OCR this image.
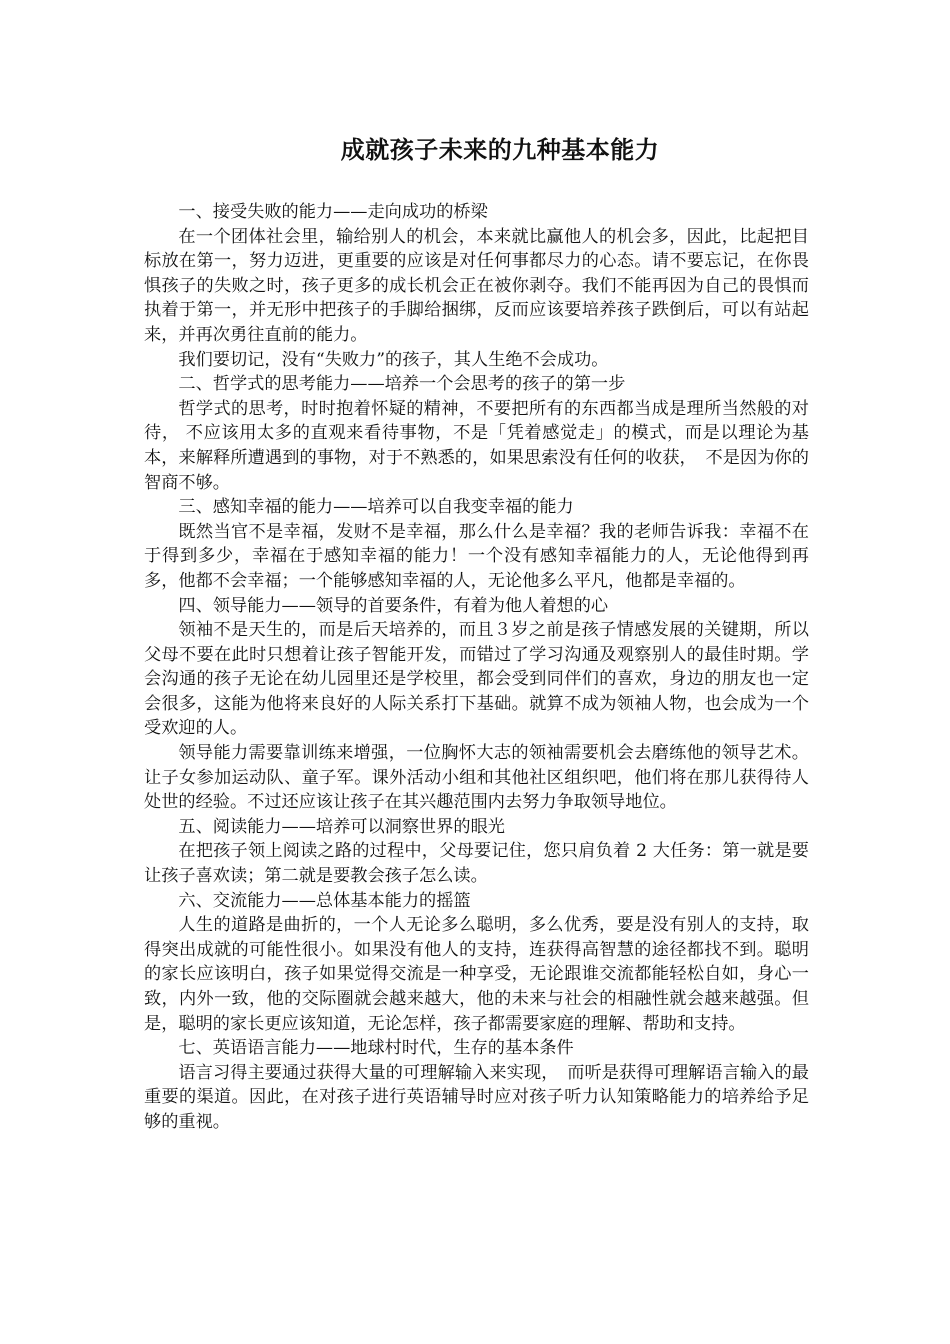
成就孩子未来的九种基本能力

一、接受失败的能力——走向成功的桥梁

在一个团体社会里，输给别人的机会，本来就比赢他人的机会多，因此，比起把目标放在第一，努力迈进，更重要的应该是对任何事都尽力的心态。请不要忘记，在你畏惧孩子的失败之时，孩子更多的成长机会正在被你剥夺。我们不能再因为自己的畏惧而执着于第一，并无形中把孩子的手脚给捆绑，反而应该要培养孩子跌倒后，可以有站起来，并再次勇往直前的能力。

我们要切记，没有“失败力”的孩子，其人生绝不会成功。

二、哲学式的思考能力——培养一个会思考的孩子的第一步

哲学式的思考，时时抱着怀疑的精神，不要把所有的东西都当成是理所当然般的对待， 不应该用太多的直观来看待事物，不是「凭着感觉走」的模式，而是以理论为基本，来解释所遭遇到的事物，对于不熟悉的，如果思索没有任何的收获，　不是因为你的智商不够。

三、感知幸福的能力——培养可以自我变幸福的能力

既然当官不是幸福，发财不是幸福，那么什么是幸福？我的老师告诉我：幸福不在于得到多少，幸福在于感知幸福的能力！一个没有感知幸福能力的人，无论他得到再多，他都不会幸福；一个能够感知幸福的人，无论他多么平凡，他都是幸福的。

四、领导能力——领导的首要条件，有着为他人着想的心

领袖不是天生的，而是后天培养的，而且３岁之前是孩子情感发展的关键期，所以父母不要在此时只想着让孩子智能开发，而错过了学习沟通及观察别人的最佳时期。学会沟通的孩子无论在幼儿园里还是学校里，都会受到同伴们的喜欢，身边的朋友也一定会很多，这能为他将来良好的人际关系打下基础。就算不成为领袖人物，也会成为一个受欢迎的人。

领导能力需要靠训练来增强，一位胸怀大志的领袖需要机会去磨练他的领导艺术。让子女参加运动队、童子军。课外活动小组和其他社区组织吧，他们将在那儿获得待人处世的经验。不过还应该让孩子在其兴趣范围内去努力争取领导地位。

五、阅读能力——培养可以洞察世界的眼光

在把孩子领上阅读之路的过程中，父母要记住，您只肩负着 2 大任务：第一就是要让孩子喜欢读；第二就是要教会孩子怎么读。

六、交流能力——总体基本能力的摇篮

人生的道路是曲折的，一个人无论多么聪明，多么优秀，要是没有别人的支持，取得突出成就的可能性很小。如果没有他人的支持，连获得高智慧的途径都找不到。聪明的家长应该明白，孩子如果觉得交流是一种享受，无论跟谁交流都能轻松自如，身心一致，内外一致，他的交际圈就会越来越大，他的未来与社会的相融性就会越来越强。但是，聪明的家长更应该知道，无论怎样，孩子都需要家庭的理解、帮助和支持。

七、英语语言能力——地球村时代，生存的基本条件

语言习得主要通过获得大量的可理解输入来实现，　而听是获得可理解语言输入的最重要的渠道。因此，在对孩子进行英语辅导时应对孩子听力认知策略能力的培养给予足够的重视。
